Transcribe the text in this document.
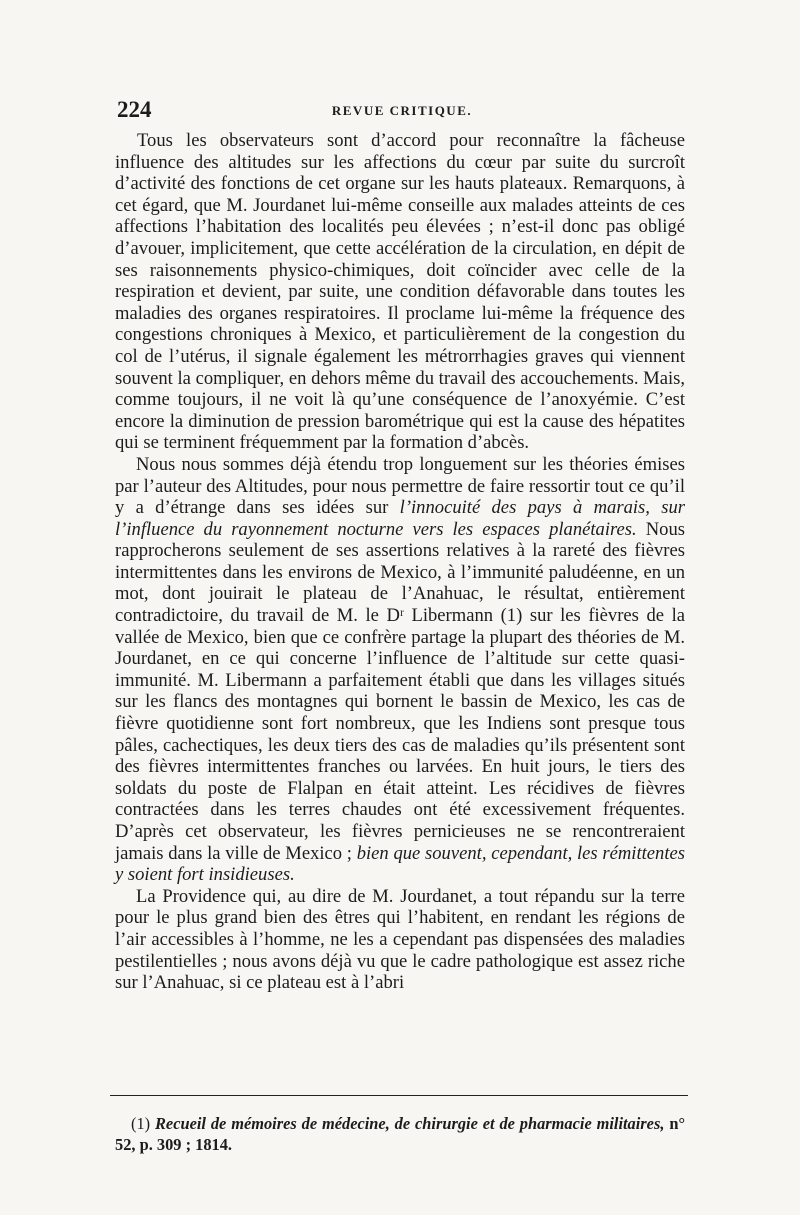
224	REVUE CRITIQUE.

Tous les observateurs sont d’accord pour reconnaître la fâcheuse influence des altitudes sur les affections du cœur par suite du surcroît d’activité des fonctions de cet organe sur les hauts plateaux. Remarquons, à cet égard, que M. Jourdanet lui-même conseille aux malades atteints de ces affections l’habitation des localités peu élevées ; n’est-il donc pas obligé d’avouer, implicitement, que cette accélération de la circulation, en dépit de ses raisonnements physico-chimiques, doit coïncider avec celle de la respiration et devient, par suite, une condition défavorable dans toutes les maladies des organes respiratoires. Il proclame lui-même la fréquence des congestions chroniques à Mexico, et particulièrement de la congestion du col de l’utérus, il signale également les métrorrhagies graves qui viennent souvent la compliquer, en dehors même du travail des accouchements. Mais, comme toujours, il ne voit là qu’une conséquence de l’anoxyémie. C’est encore la diminution de pression barométrique qui est la cause des hépatites qui se terminent fréquemment par la formation d’abcès.

Nous nous sommes déjà étendu trop longuement sur les théories émises par l’auteur des Altitudes, pour nous permettre de faire ressortir tout ce qu’il y a d’étrange dans ses idées sur l’innocuité des pays à marais, sur l’influence du rayonnement nocturne vers les espaces planétaires. Nous rapprocherons seulement de ses assertions relatives à la rareté des fièvres intermittentes dans les environs de Mexico, à l’immunité paludéenne, en un mot, dont jouirait le plateau de l’Anahuac, le résultat, entièrement contradictoire, du travail de M. le Dʳ Libermann (1) sur les fièvres de la vallée de Mexico, bien que ce confrère partage la plupart des théories de M. Jourdanet, en ce qui concerne l’influence de l’altitude sur cette quasi-immunité. M. Libermann a parfaitement établi que dans les villages situés sur les flancs des montagnes qui bornent le bassin de Mexico, les cas de fièvre quotidienne sont fort nombreux, que les Indiens sont presque tous pâles, cachectiques, les deux tiers des cas de maladies qu’ils présentent sont des fièvres intermittentes franches ou larvées. En huit jours, le tiers des soldats du poste de Flalpan en était atteint. Les récidives de fièvres contractées dans les terres chaudes ont été excessivement fréquentes. D’après cet observateur, les fièvres pernicieuses ne se rencontreraient jamais dans la ville de Mexico ; bien que souvent, cependant, les rémittentes y soient fort insidieuses.

La Providence qui, au dire de M. Jourdanet, a tout répandu sur la terre pour le plus grand bien des êtres qui l’habitent, en rendant les régions de l’air accessibles à l’homme, ne les a cependant pas dispensées des maladies pestilentielles ; nous avons déjà vu que le cadre pathologique est assez riche sur l’Anahuac, si ce plateau est à l’abri

(1) Recueil de mémoires de médecine, de chirurgie et de pharmacie militaires, n° 52, p. 309 ; 1814.
